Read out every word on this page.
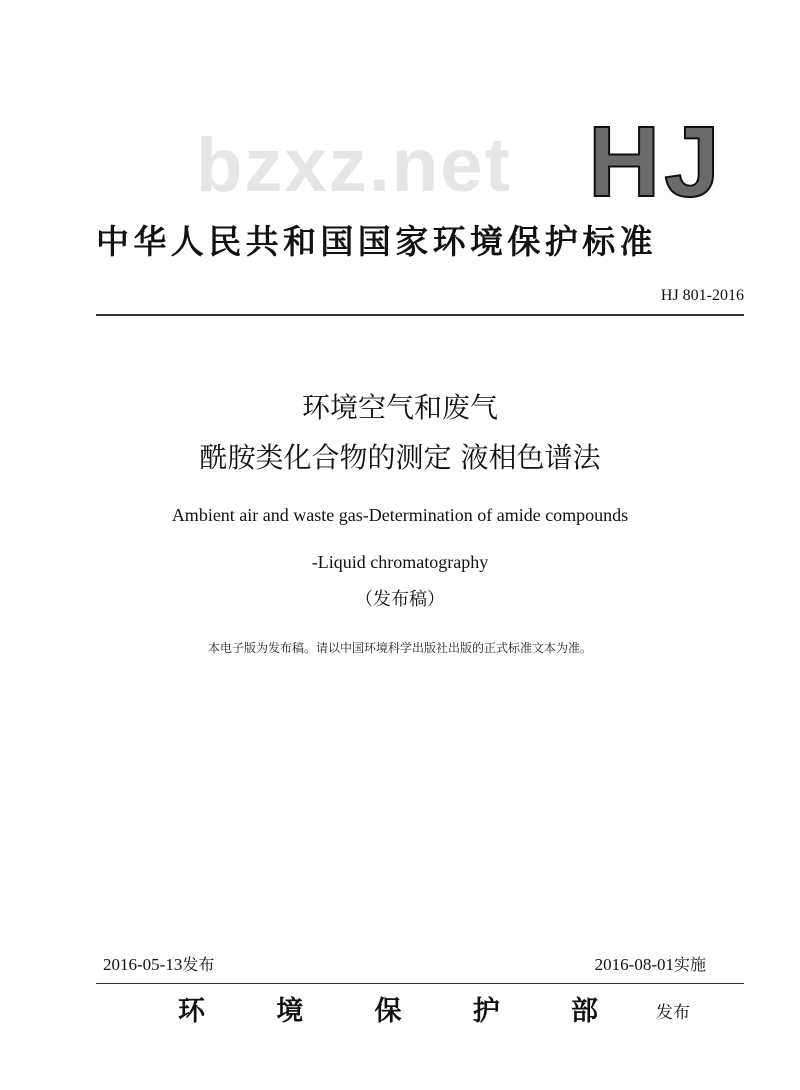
bzxz.net HJ
中华人民共和国国家环境保护标准
HJ 801-2016
环境空气和废气
酰胺类化合物的测定 液相色谱法
Ambient air and waste gas-Determination of amide compounds
-Liquid chromatography
（发布稿）
本电子版为发布稿。请以中国环境科学出版社出版的正式标准文本为准。
2016-05-13发布	2016-08-01实施
环	境	保	护	部	发布
